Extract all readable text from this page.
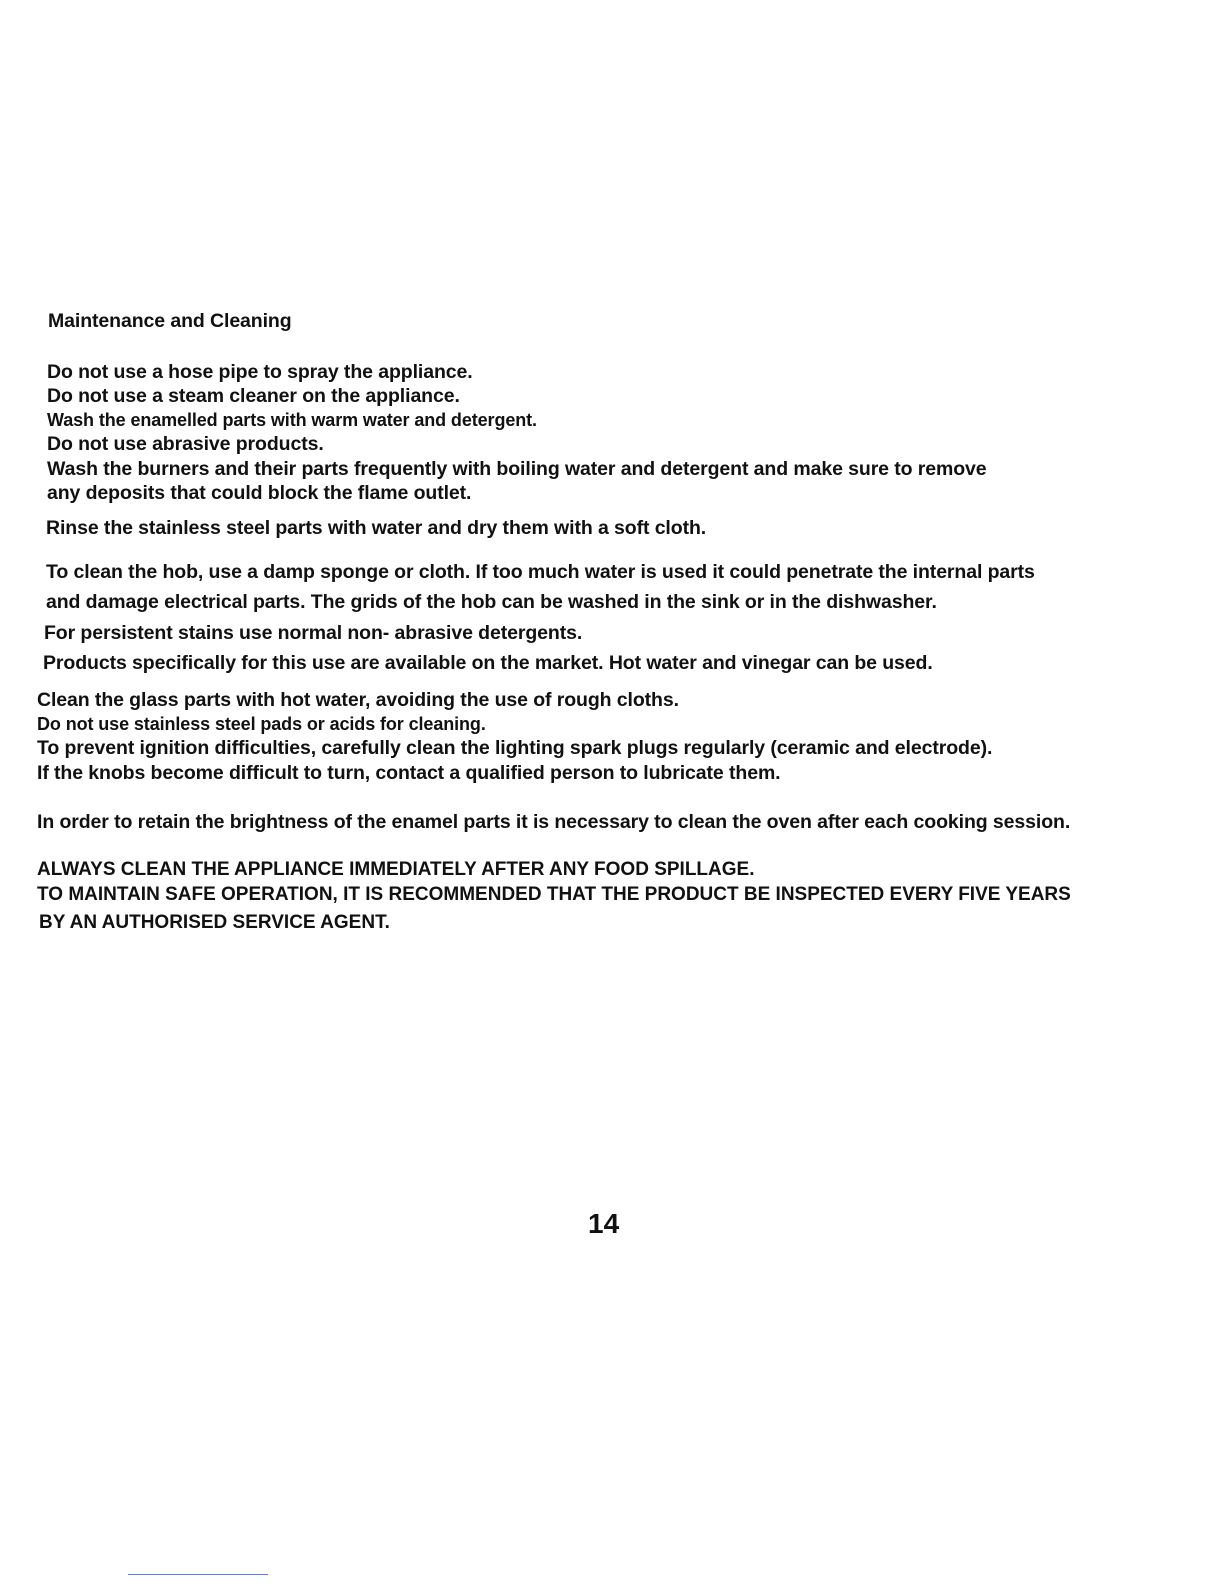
Maintenance and Cleaning

Do not use a hose pipe to spray the appliance.

Do not use a steam cleaner on the appliance.

Wash the enamelled parts with warm water and detergent.

Do not use abrasive products.

Wash the burners and their parts frequently with boiling water and detergent and make sure to remove

any deposits that could block the flame outlet.

Rinse the stainless steel parts with water and dry them with a soft cloth.

To clean the hob, use a damp sponge or cloth. If too much water is used it could penetrate the internal parts

and damage electrical parts. The grids of the hob can be washed in the sink or in the dishwasher.

For persistent stains use normal non- abrasive detergents.

Products specifically for this use are available on the market. Hot water and vinegar can be used.

Clean the glass parts with hot water, avoiding the use of rough cloths.

Do not use stainless steel pads or acids for cleaning.

To prevent ignition difficulties, carefully clean the lighting spark plugs regularly (ceramic and electrode).

If the knobs become difficult to turn, contact a qualified person to lubricate them.

In order to retain the brightness of the enamel parts it is necessary to clean the oven after each cooking session.

ALWAYS CLEAN THE APPLIANCE IMMEDIATELY AFTER ANY FOOD SPILLAGE.

TO MAINTAIN SAFE OPERATION, IT IS RECOMMENDED THAT THE PRODUCT BE INSPECTED EVERY FIVE YEARS

BY AN AUTHORISED SERVICE AGENT.

14
